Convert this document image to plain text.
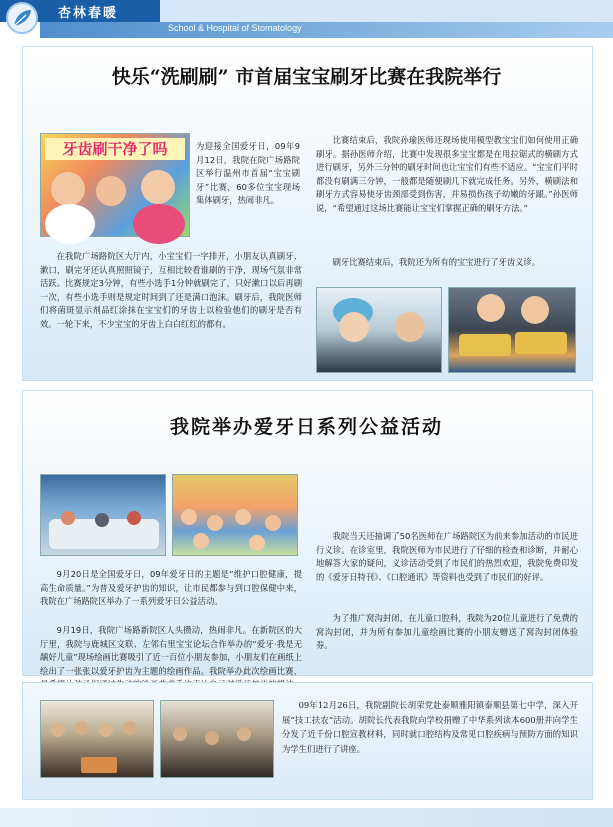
杏林春暖
School & Hospital of Stomatology
快乐“洗刷刷” 市首届宝宝刷牙比赛在我院举行
牙齿刷干净了吗	为迎接全国爱牙日，09年9月12日，我院在院广场路院区举行温州市首届“宝宝刷牙”比赛，60多位宝宝现场集体刷牙，热闹非凡。
在我院广场路院区大厅内，小宝宝们一字排开，小朋友认真刷牙、漱口，刷完牙还认真照照镜子，互相比较看谁刷的干净，现场气氛非常活跃。比赛规定3分钟，有些小选手1分钟就刷完了，只好漱口以后再刷一次，有些小选手则是规定时间到了还是满口泡沫。刷牙后，我院医师们将菌斑显示剂品红涂抹在宝宝们的牙齿上以检验他们的刷牙是否有效。一轮下来，不少宝宝的牙齿上白白红红的都有。
比赛结束后，我院孙瑜医师还现场使用模型教宝宝们如何使用正确刷牙。据孙医师介绍，比赛中发现很多宝宝都是在用拉锯式的横刷方式进行刷牙，另外三分钟的刷牙时间也让宝宝们有些不适应。“宝宝们平时都没有刷满三分钟，一般都是随便刷几下就完成任务。另外，横刷法和刷牙方式容易使牙齿颈部受到伤害，并易损伤孩子幼嫩的牙龈。”孙医师说，“希望通过这场比赛能让宝宝们掌握正确的刷牙方法。”
刷牙比赛结束后，我院还为所有的宝宝进行了牙齿义诊。
我院举办爱牙日系列公益活动
9月20日是全国爱牙日，09年爱牙日的主题是“维护口腔健康，提高生命质量。”为普及爱牙护齿的知识，让市民都参与到口腔保健中来，我院在广场路院区举办了一系列爱牙日公益活动。
9月19日，我院广场路新院区人头攒动，热闹非凡。在新院区的大厅里，我院与鹿城区文联、左邻右里宝宝论坛合作举办的“爱牙·我是无龋好儿童”现场绘画比赛吸引了近一百位小朋友参加，小朋友们在画纸上绘出了一张张以爱牙护齿为主题的绘画作品。我院举办此次绘画比赛，
我院当天还抽调了50名医师在广场路院区为前来参加活动的市民进行义诊。在诊室里，我院医师为市民进行了仔细的检查和诊断，并耐心地解答大家的疑问，义诊活动受到了市民们的热烈欢迎，我院免费印发的《爱牙日特刊》、《口腔通讯》等资料也受到了市民们的好评。
为了推广窝沟封闭，在儿童口腔科，我院为20位儿童进行了免费的窝沟封闭，并为所有参加儿童绘画比赛的小朋友赠送了窝沟封闭体验券。
09年12月26日，我院副院长胡荣党赴泰顺雅阳镇泰顺县第七中学，深入开展“技工扶农”活动。胡院长代表我院向学校捐赠了中华系列读本600册并向学生分发了近千份口腔宣教材料，同时就口腔结构及常见口腔疾病与预防方面的知识为学生们进行了讲座。
